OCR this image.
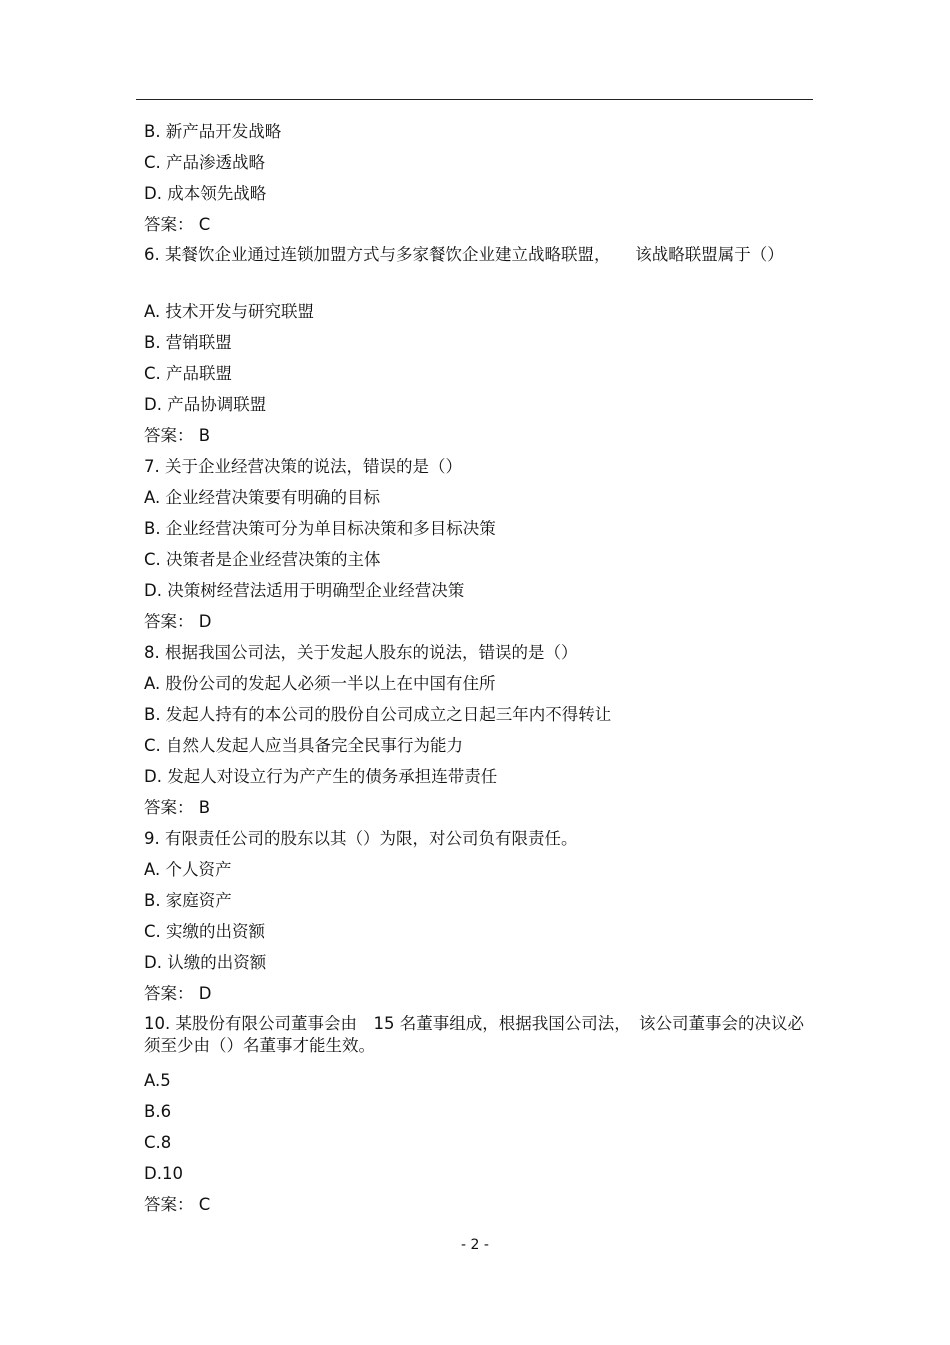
B. 新产品开发战略
C. 产品渗透战略
D. 成本领先战略
答案： C
6. 某餐饮企业通过连锁加盟方式与多家餐饮企业建立战略联盟，　　该战略联盟属于（）
A. 技术开发与研究联盟
B. 营销联盟
C. 产品联盟
D. 产品协调联盟
答案： B
7. 关于企业经营决策的说法，错误的是（）
A. 企业经营决策要有明确的目标
B. 企业经营决策可分为单目标决策和多目标决策
C. 决策者是企业经营决策的主体
D. 决策树经营法适用于明确型企业经营决策
答案： D
8. 根据我国公司法，关于发起人股东的说法，错误的是（）
A. 股份公司的发起人必须一半以上在中国有住所
B. 发起人持有的本公司的股份自公司成立之日起三年内不得转让
C. 自然人发起人应当具备完全民事行为能力
D. 发起人对设立行为产产生的债务承担连带责任
答案： B
9. 有限责任公司的股东以其（）为限，对公司负有限责任。
A. 个人资产
B. 家庭资产
C. 实缴的出资额
D. 认缴的出资额
答案： D
10. 某股份有限公司董事会由　15 名董事组成，根据我国公司法，　该公司董事会的决议必须至少由（）名董事才能生效。
A.5
B.6
C.8
D.10
答案： C
- 2 -
